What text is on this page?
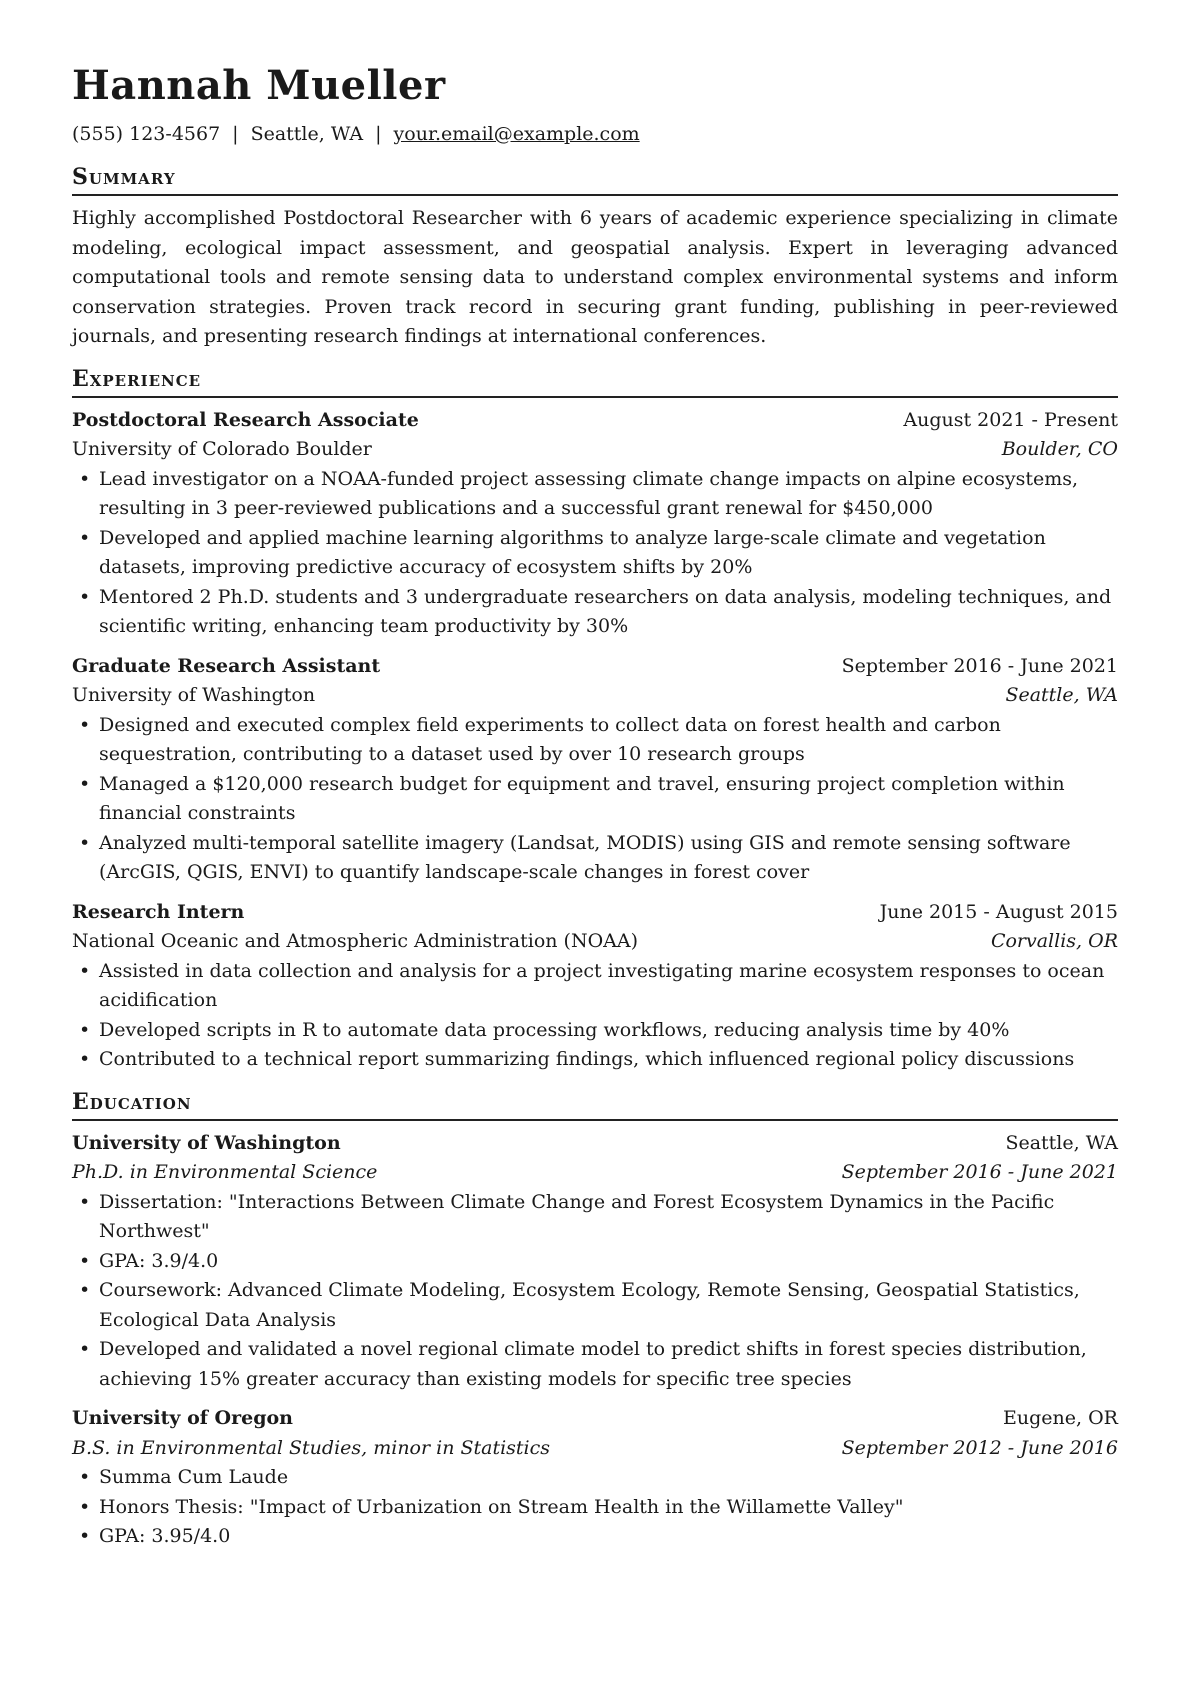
Hannah Mueller
(555) 123-4567 | Seattle, WA | your.email@example.com
Summary
Highly accomplished Postdoctoral Researcher with 6 years of academic experience specializing in climate modeling, ecological impact assessment, and geospatial analysis. Expert in leveraging advanced computational tools and remote sensing data to understand complex environmental systems and inform conservation strategies. Proven track record in securing grant funding, publishing in peer-reviewed journals, and presenting research findings at international conferences.
Experience
Postdoctoral Research Associate	August 2021 - Present
University of Colorado Boulder	Boulder, CO
• Lead investigator on a NOAA-funded project assessing climate change impacts on alpine ecosystems, resulting in 3 peer-reviewed publications and a successful grant renewal for $450,000
• Developed and applied machine learning algorithms to analyze large-scale climate and vegetation datasets, improving predictive accuracy of ecosystem shifts by 20%
• Mentored 2 Ph.D. students and 3 undergraduate researchers on data analysis, modeling techniques, and scientific writing, enhancing team productivity by 30%
Graduate Research Assistant	September 2016 - June 2021
University of Washington	Seattle, WA
• Designed and executed complex field experiments to collect data on forest health and carbon sequestration, contributing to a dataset used by over 10 research groups
• Managed a $120,000 research budget for equipment and travel, ensuring project completion within financial constraints
• Analyzed multi-temporal satellite imagery (Landsat, MODIS) using GIS and remote sensing software (ArcGIS, QGIS, ENVI) to quantify landscape-scale changes in forest cover
Research Intern	June 2015 - August 2015
National Oceanic and Atmospheric Administration (NOAA)	Corvallis, OR
• Assisted in data collection and analysis for a project investigating marine ecosystem responses to ocean acidification
• Developed scripts in R to automate data processing workflows, reducing analysis time by 40%
• Contributed to a technical report summarizing findings, which influenced regional policy discussions
Education
University of Washington	Seattle, WA
Ph.D. in Environmental Science	September 2016 - June 2021
• Dissertation: "Interactions Between Climate Change and Forest Ecosystem Dynamics in the Pacific Northwest"
• GPA: 3.9/4.0
• Coursework: Advanced Climate Modeling, Ecosystem Ecology, Remote Sensing, Geospatial Statistics, Ecological Data Analysis
• Developed and validated a novel regional climate model to predict shifts in forest species distribution, achieving 15% greater accuracy than existing models for specific tree species
University of Oregon	Eugene, OR
B.S. in Environmental Studies, minor in Statistics	September 2012 - June 2016
• Summa Cum Laude
• Honors Thesis: "Impact of Urbanization on Stream Health in the Willamette Valley"
• GPA: 3.95/4.0
